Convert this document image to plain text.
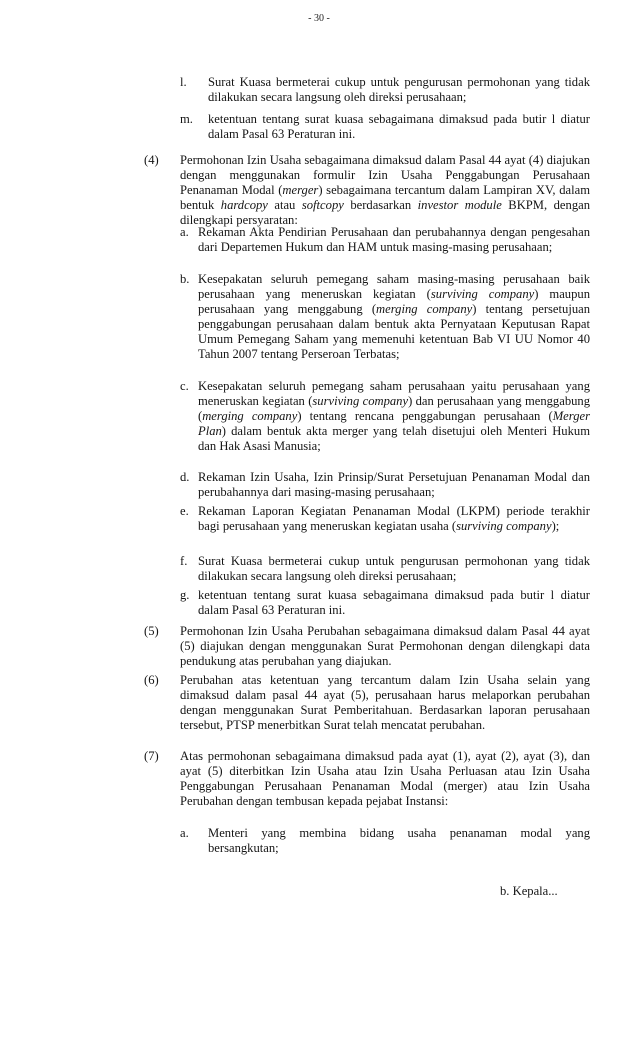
- 30 -
l. Surat Kuasa bermeterai cukup untuk pengurusan permohonan yang tidak dilakukan secara langsung oleh direksi perusahaan;

m. ketentuan tentang surat kuasa sebagaimana dimaksud pada butir l diatur dalam Pasal 63 Peraturan ini.

(4) Permohonan Izin Usaha sebagaimana dimaksud dalam Pasal 44 ayat (4) diajukan dengan menggunakan formulir Izin Usaha Penggabungan Perusahaan Penanaman Modal (merger) sebagaimana tercantum dalam Lampiran XV, dalam bentuk hardcopy atau softcopy berdasarkan investor module BKPM, dengan dilengkapi persyaratan:

a. Rekaman Akta Pendirian Perusahaan dan perubahannya dengan pengesahan dari Departemen Hukum dan HAM untuk masing-masing perusahaan;

b. Kesepakatan seluruh pemegang saham masing-masing perusahaan baik perusahaan yang meneruskan kegiatan (surviving company) maupun perusahaan yang menggabung (merging company) tentang persetujuan penggabungan perusahaan dalam bentuk akta Pernyataan Keputusan Rapat Umum Pemegang Saham yang memenuhi ketentuan Bab VI UU Nomor 40 Tahun 2007 tentang Perseroan Terbatas;

c. Kesepakatan seluruh pemegang saham perusahaan yaitu perusahaan yang meneruskan kegiatan (surviving company) dan perusahaan yang menggabung (merging company) tentang rencana penggabungan perusahaan (Merger Plan) dalam bentuk akta merger yang telah disetujui oleh Menteri Hukum dan Hak Asasi Manusia;

d. Rekaman Izin Usaha, Izin Prinsip/Surat Persetujuan Penanaman Modal dan perubahannya dari masing-masing perusahaan;

e. Rekaman Laporan Kegiatan Penanaman Modal (LKPM) periode terakhir bagi perusahaan yang meneruskan kegiatan usaha (surviving company);

f. Surat Kuasa bermeterai cukup untuk pengurusan permohonan yang tidak dilakukan secara langsung oleh direksi perusahaan;

g. ketentuan tentang surat kuasa sebagaimana dimaksud pada butir l diatur dalam Pasal 63 Peraturan ini.

(5) Permohonan Izin Usaha Perubahan sebagaimana dimaksud dalam Pasal 44 ayat (5) diajukan dengan menggunakan Surat Permohonan dengan dilengkapi data pendukung atas perubahan yang diajukan.

(6) Perubahan atas ketentuan yang tercantum dalam Izin Usaha selain yang dimaksud dalam pasal 44 ayat (5), perusahaan harus melaporkan perubahan dengan menggunakan Surat Pemberitahuan. Berdasarkan laporan perusahaan tersebut, PTSP menerbitkan Surat telah mencatat perubahan.

(7) Atas permohonan sebagaimana dimaksud pada ayat (1), ayat (2), ayat (3), dan ayat (5) diterbitkan Izin Usaha atau Izin Usaha Perluasan atau Izin Usaha Penggabungan Perusahaan Penanaman Modal (merger) atau Izin Usaha Perubahan dengan tembusan kepada pejabat Instansi:

a. Menteri yang membina bidang usaha penanaman modal yang bersangkutan;

b. Kepala...
